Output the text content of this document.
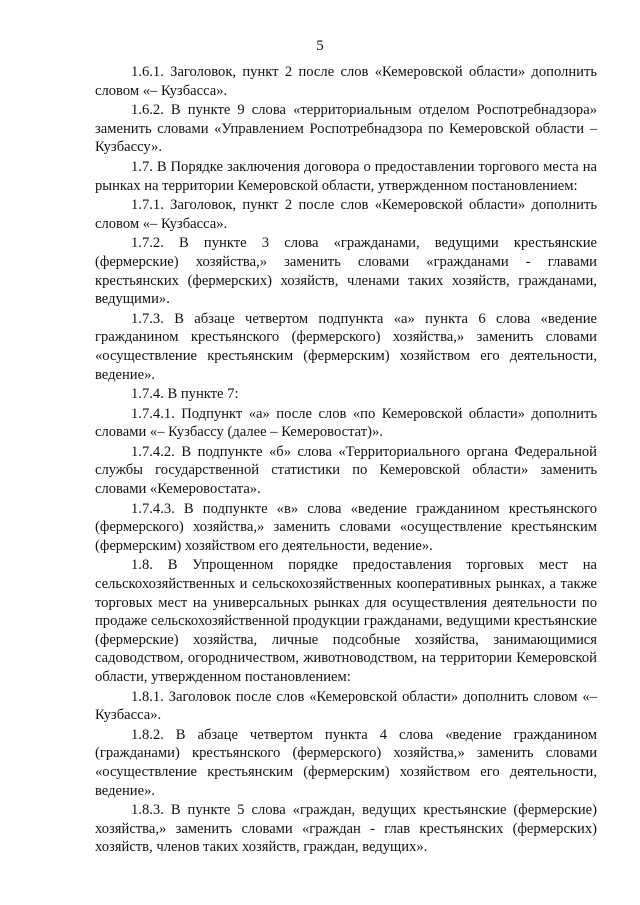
5

1.6.1. Заголовок, пункт 2 после слов «Кемеровской области» дополнить словом «– Кузбасса».

1.6.2. В пункте 9 слова «территориальным отделом Роспотребнадзора» заменить словами «Управлением Роспотребнадзора по Кемеровской области – Кузбассу».

1.7. В Порядке заключения договора о предоставлении торгового места на рынках на территории Кемеровской области, утвержденном постановлением:

1.7.1. Заголовок, пункт 2 после слов «Кемеровской области» дополнить словом «– Кузбасса».

1.7.2. В пункте 3 слова «гражданами, ведущими крестьянские (фермерские) хозяйства,» заменить словами «гражданами - главами крестьянских (фермерских) хозяйств, членами таких хозяйств, гражданами, ведущими».

1.7.3. В абзаце четвертом подпункта «а» пункта 6 слова «ведение гражданином крестьянского (фермерского) хозяйства,» заменить словами «осуществление крестьянским (фермерским) хозяйством его деятельности, ведение».

1.7.4. В пункте 7:

1.7.4.1. Подпункт «а» после слов «по Кемеровской области» дополнить словами «– Кузбассу (далее – Кемеровостат)».

1.7.4.2. В подпункте «б» слова «Территориального органа Федеральной службы государственной статистики по Кемеровской области» заменить словами «Кемеровостата».

1.7.4.3. В подпункте «в» слова «ведение гражданином крестьянского (фермерского) хозяйства,» заменить словами «осуществление крестьянским (фермерским) хозяйством его деятельности, ведение».

1.8. В Упрощенном порядке предоставления торговых мест на сельскохозяйственных и сельскохозяйственных кооперативных рынках, а также торговых мест на универсальных рынках для осуществления деятельности по продаже сельскохозяйственной продукции гражданами, ведущими крестьянские (фермерские) хозяйства, личные подсобные хозяйства, занимающимися садоводством, огородничеством, животноводством, на территории Кемеровской области, утвержденном постановлением:

1.8.1. Заголовок после слов «Кемеровской области» дополнить словом «– Кузбасса».

1.8.2. В абзаце четвертом пункта 4 слова «ведение гражданином (гражданами) крестьянского (фермерского) хозяйства,» заменить словами «осуществление крестьянским (фермерским) хозяйством его деятельности, ведение».

1.8.3. В пункте 5 слова «граждан, ведущих крестьянские (фермерские) хозяйства,» заменить словами «граждан - глав крестьянских (фермерских) хозяйств, членов таких хозяйств, граждан, ведущих».
